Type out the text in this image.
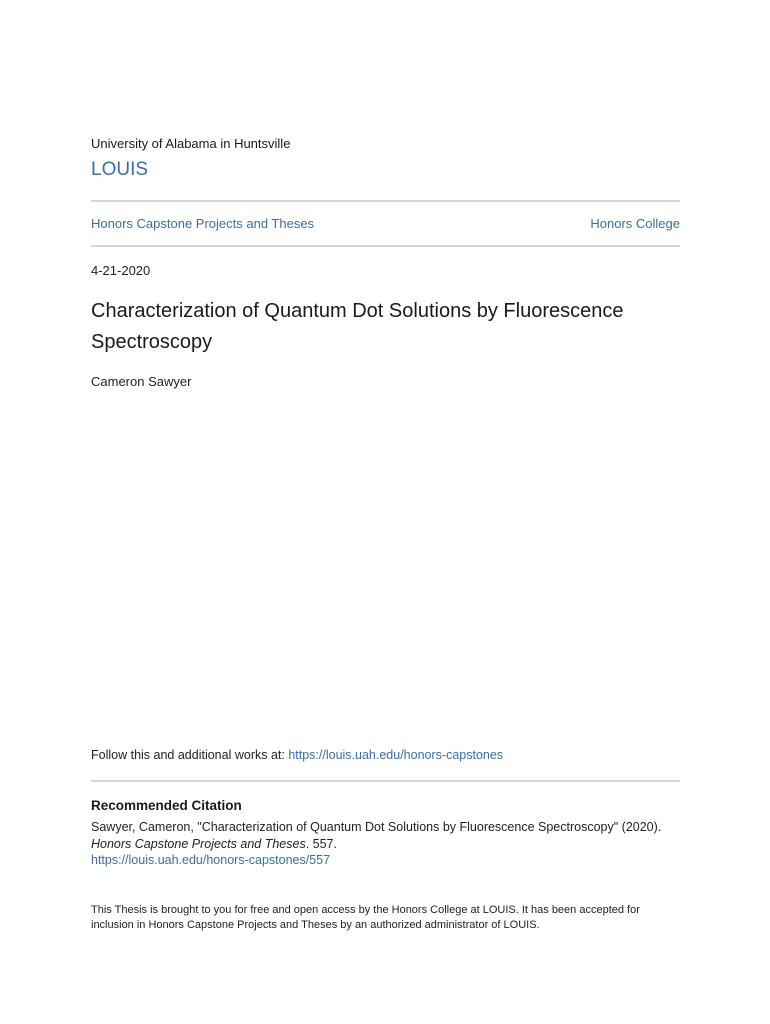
University of Alabama in Huntsville
LOUIS
Honors Capstone Projects and Theses	Honors College
4-21-2020
Characterization of Quantum Dot Solutions by Fluorescence Spectroscopy
Cameron Sawyer
Follow this and additional works at: https://louis.uah.edu/honors-capstones
Recommended Citation
Sawyer, Cameron, "Characterization of Quantum Dot Solutions by Fluorescence Spectroscopy" (2020).
Honors Capstone Projects and Theses. 557.
https://louis.uah.edu/honors-capstones/557
This Thesis is brought to you for free and open access by the Honors College at LOUIS. It has been accepted for inclusion in Honors Capstone Projects and Theses by an authorized administrator of LOUIS.
